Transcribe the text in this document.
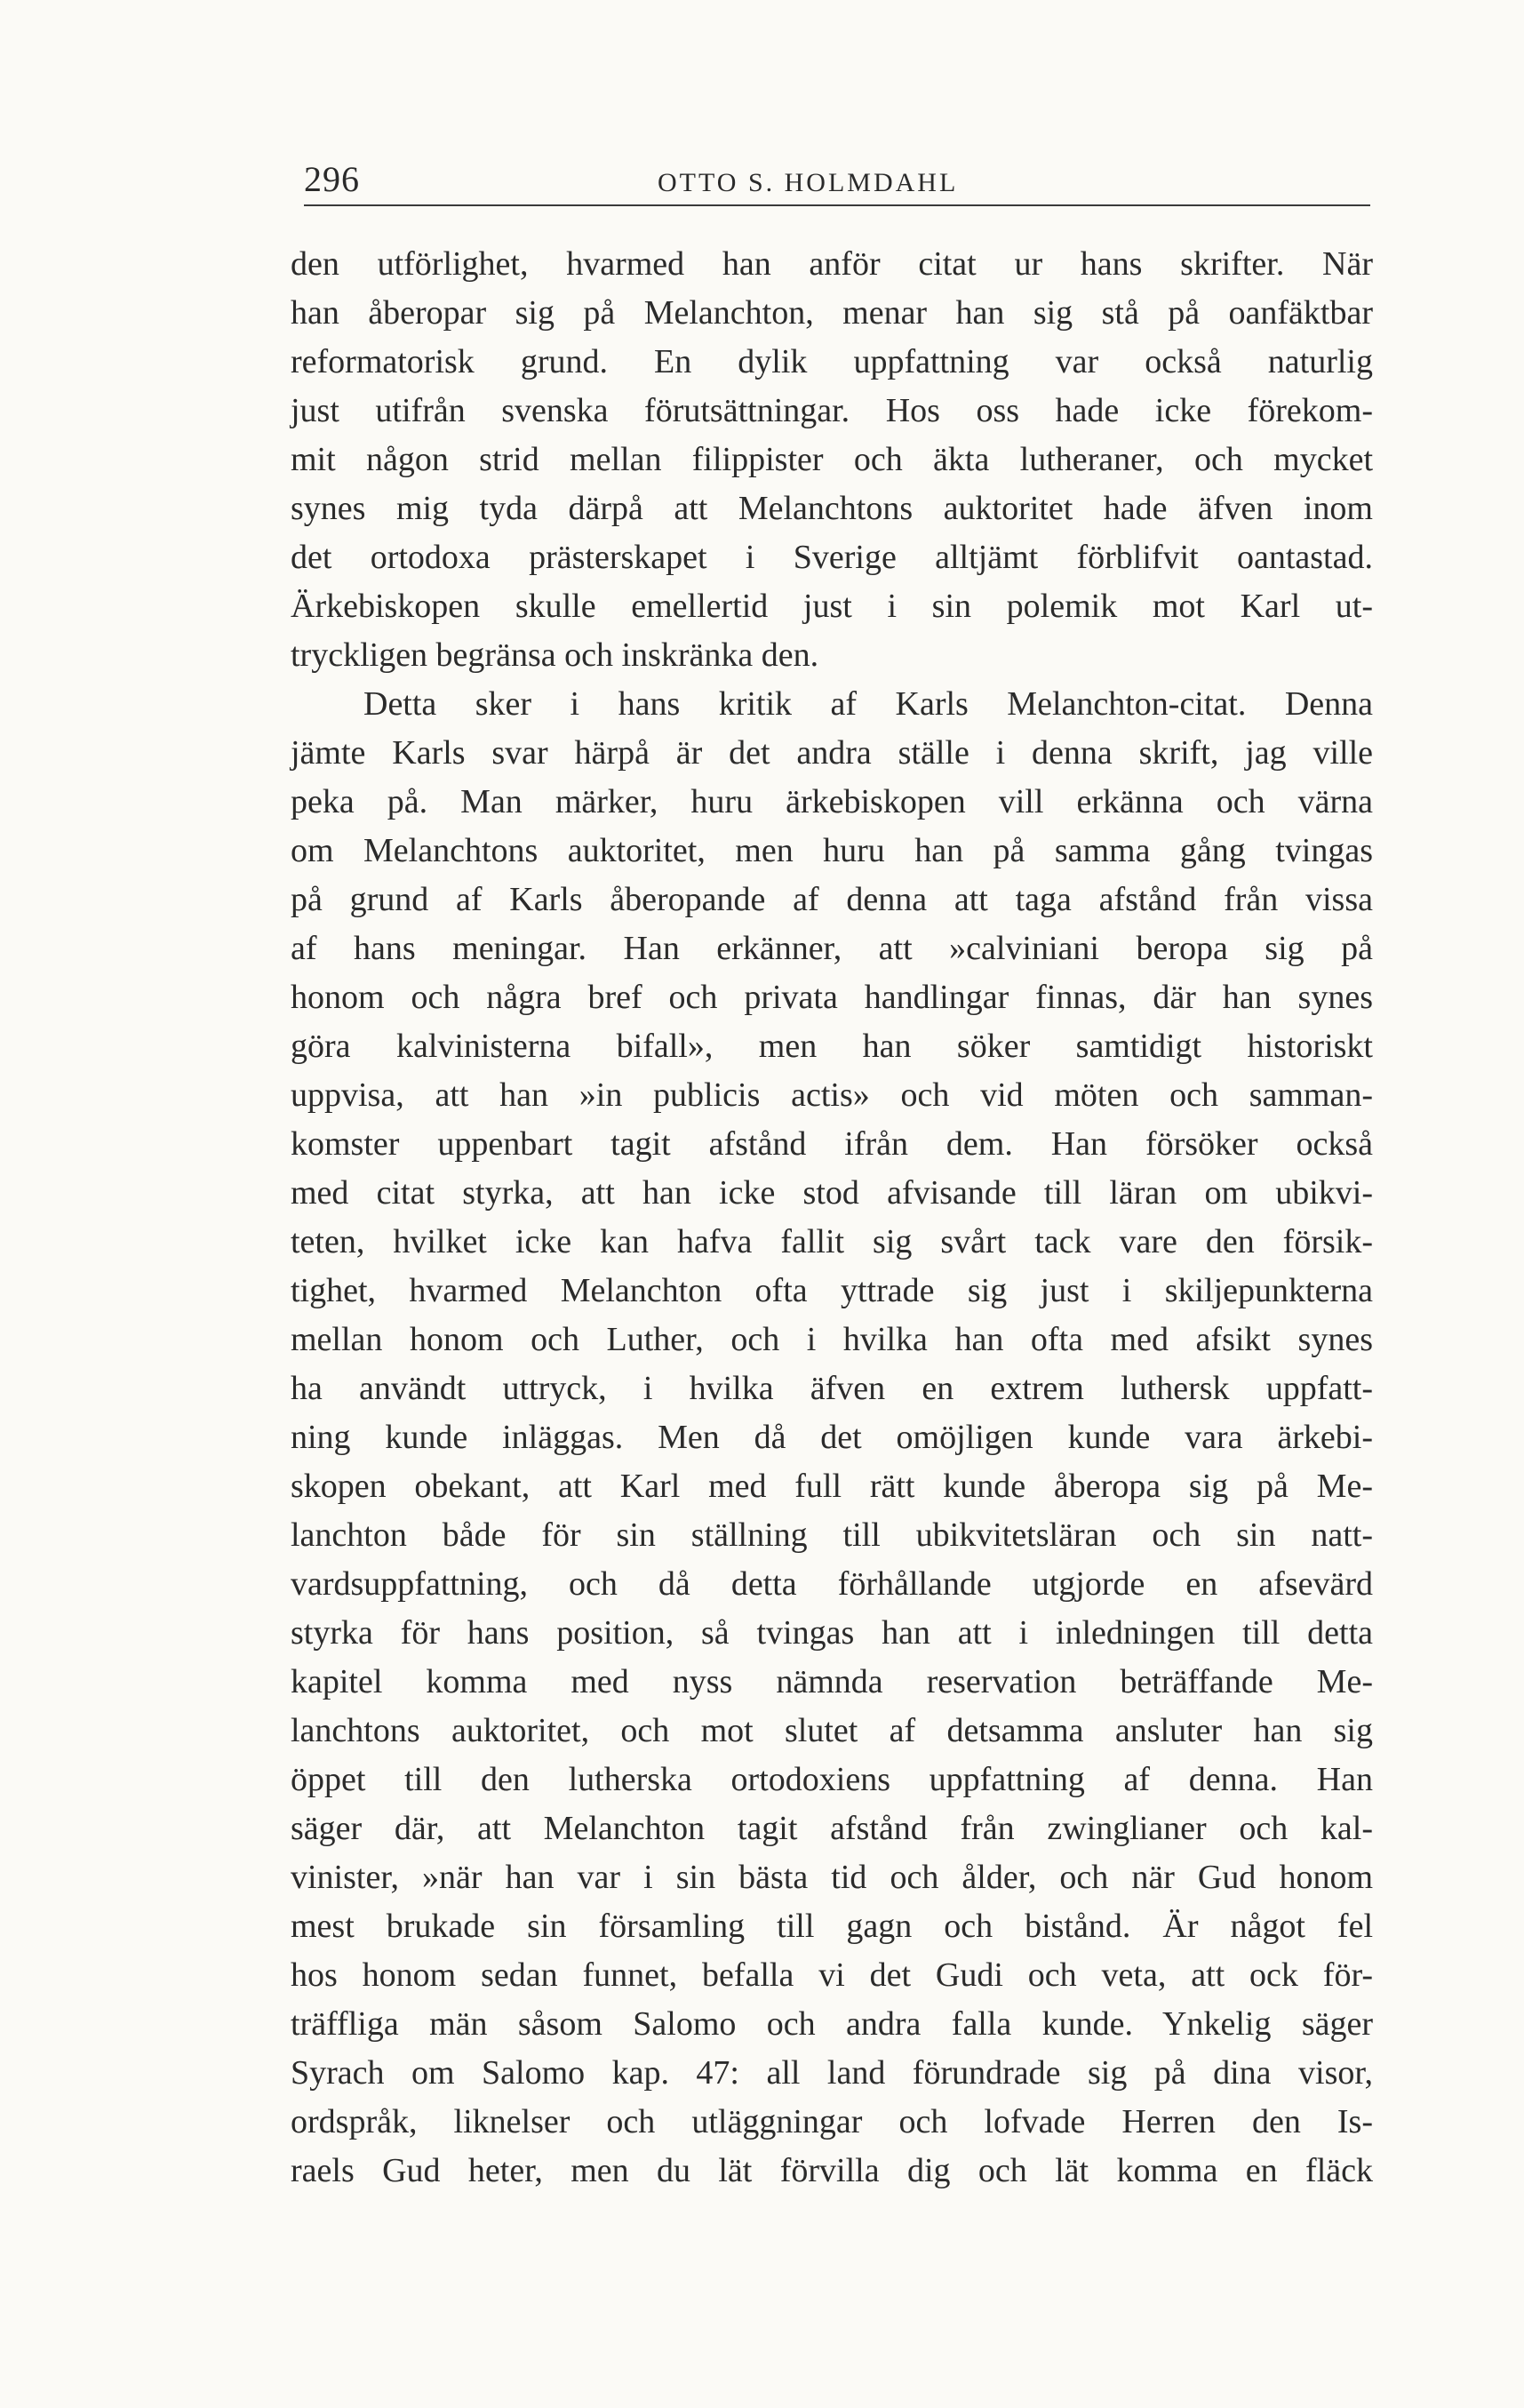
296	OTTO S. HOLMDAHL
den utförlighet, hvarmed han anför citat ur hans skrifter. När
han åberopar sig på Melanchton, menar han sig stå på oanfäktbar
reformatorisk grund. En dylik uppfattning var också naturlig
just utifrån svenska förutsättningar. Hos oss hade icke förekom-
mit någon strid mellan filippister och äkta lutheraner, och mycket
synes mig tyda därpå att Melanchtons auktoritet hade äfven inom
det ortodoxa prästerskapet i Sverige alltjämt förblifvit oantastad.
Ärkebiskopen skulle emellertid just i sin polemik mot Karl ut-
tryckligen begränsa och inskränka den.
Detta sker i hans kritik af Karls Melanchton-citat. Denna
jämte Karls svar härpå är det andra ställe i denna skrift, jag ville
peka på. Man märker, huru ärkebiskopen vill erkänna och värna
om Melanchtons auktoritet, men huru han på samma gång tvingas
på grund af Karls åberopande af denna att taga afstånd från vissa
af hans meningar. Han erkänner, att »calviniani beropa sig på
honom och några bref och privata handlingar finnas, där han synes
göra kalvinisterna bifall», men han söker samtidigt historiskt
uppvisa, att han »in publicis actis» och vid möten och samman-
komster uppenbart tagit afstånd ifrån dem. Han försöker också
med citat styrka, att han icke stod afvisande till läran om ubikvi-
teten, hvilket icke kan hafva fallit sig svårt tack vare den försik-
tighet, hvarmed Melanchton ofta yttrade sig just i skiljepunkterna
mellan honom och Luther, och i hvilka han ofta med afsikt synes
ha användt uttryck, i hvilka äfven en extrem luthersk uppfatt-
ning kunde inläggas. Men då det omöjligen kunde vara ärkebi-
skopen obekant, att Karl med full rätt kunde åberopa sig på Me-
lanchton både för sin ställning till ubikvitetsläran och sin natt-
vardsuppfattning, och då detta förhållande utgjorde en afsevärd
styrka för hans position, så tvingas han att i inledningen till detta
kapitel komma med nyss nämnda reservation beträffande Me-
lanchtons auktoritet, och mot slutet af detsamma ansluter han sig
öppet till den lutherska ortodoxiens uppfattning af denna. Han
säger där, att Melanchton tagit afstånd från zwinglianer och kal-
vinister, »när han var i sin bästa tid och ålder, och när Gud honom
mest brukade sin församling till gagn och bistånd. Är något fel
hos honom sedan funnet, befalla vi det Gudi och veta, att ock för-
träffliga män såsom Salomo och andra falla kunde. Ynkelig säger
Syrach om Salomo kap. 47: all land förundrade sig på dina visor,
ordspråk, liknelser och utläggningar och lofvade Herren den Is-
raels Gud heter, men du lät förvilla dig och lät komma en fläck
